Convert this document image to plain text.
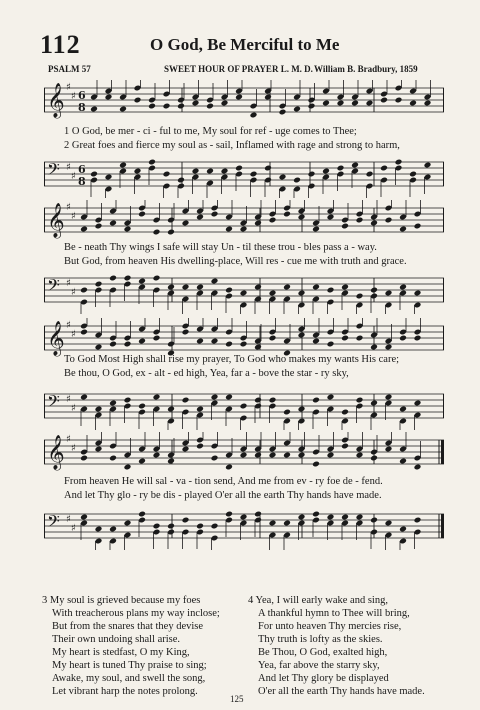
112	O God, Be Merciful to Me
PSALM 57	SWEET HOUR OF PRAYER L. M. D. William B. Bradbury, 1859
𝄞 ♯
♯ 6
8
1 O God, be mer - ci - ful to me, My soul for ref - uge comes to Thee;
2 Great foes and fierce my soul as - sail, Inflamed with rage and strong to harm,
𝄢 ♯
♯
6
8
𝄞 ♯
♯
Be - neath Thy wings I safe will stay Un - til these trou - bles pass a - way.
But God, from heaven His dwelling-place, Will res - cue me with truth and grace.
𝄢 ♯
♯
𝄞 ♯
♯
To God Most High shall rise my prayer, To God who makes my wants His care;
Be thou, O God, ex - alt - ed high, Yea, far a - bove the star - ry sky,
𝄢 ♯
♯
𝄞 ♯
♯
From heaven He will sal - va - tion send, And me from ev - ry foe de - fend.
And let Thy glo - ry be dis - played O'er all the earth Thy hands have made.
𝄢 ♯
♯
3 My soul is grieved because my foes
With treacherous plans my way inclose;
But from the snares that they devise
Their own undoing shall arise.
My heart is stedfast, O my King,
My heart is tuned Thy praise to sing;
Awake, my soul, and swell the song,
Let vibrant harp the notes prolong.
4 Yea, I will early wake and sing,
A thankful hymn to Thee will bring,
For unto heaven Thy mercies rise,
Thy truth is lofty as the skies.
Be Thou, O God, exalted high,
Yea, far above the starry sky,
And let Thy glory be displayed
O'er all the earth Thy hands have made.
125
